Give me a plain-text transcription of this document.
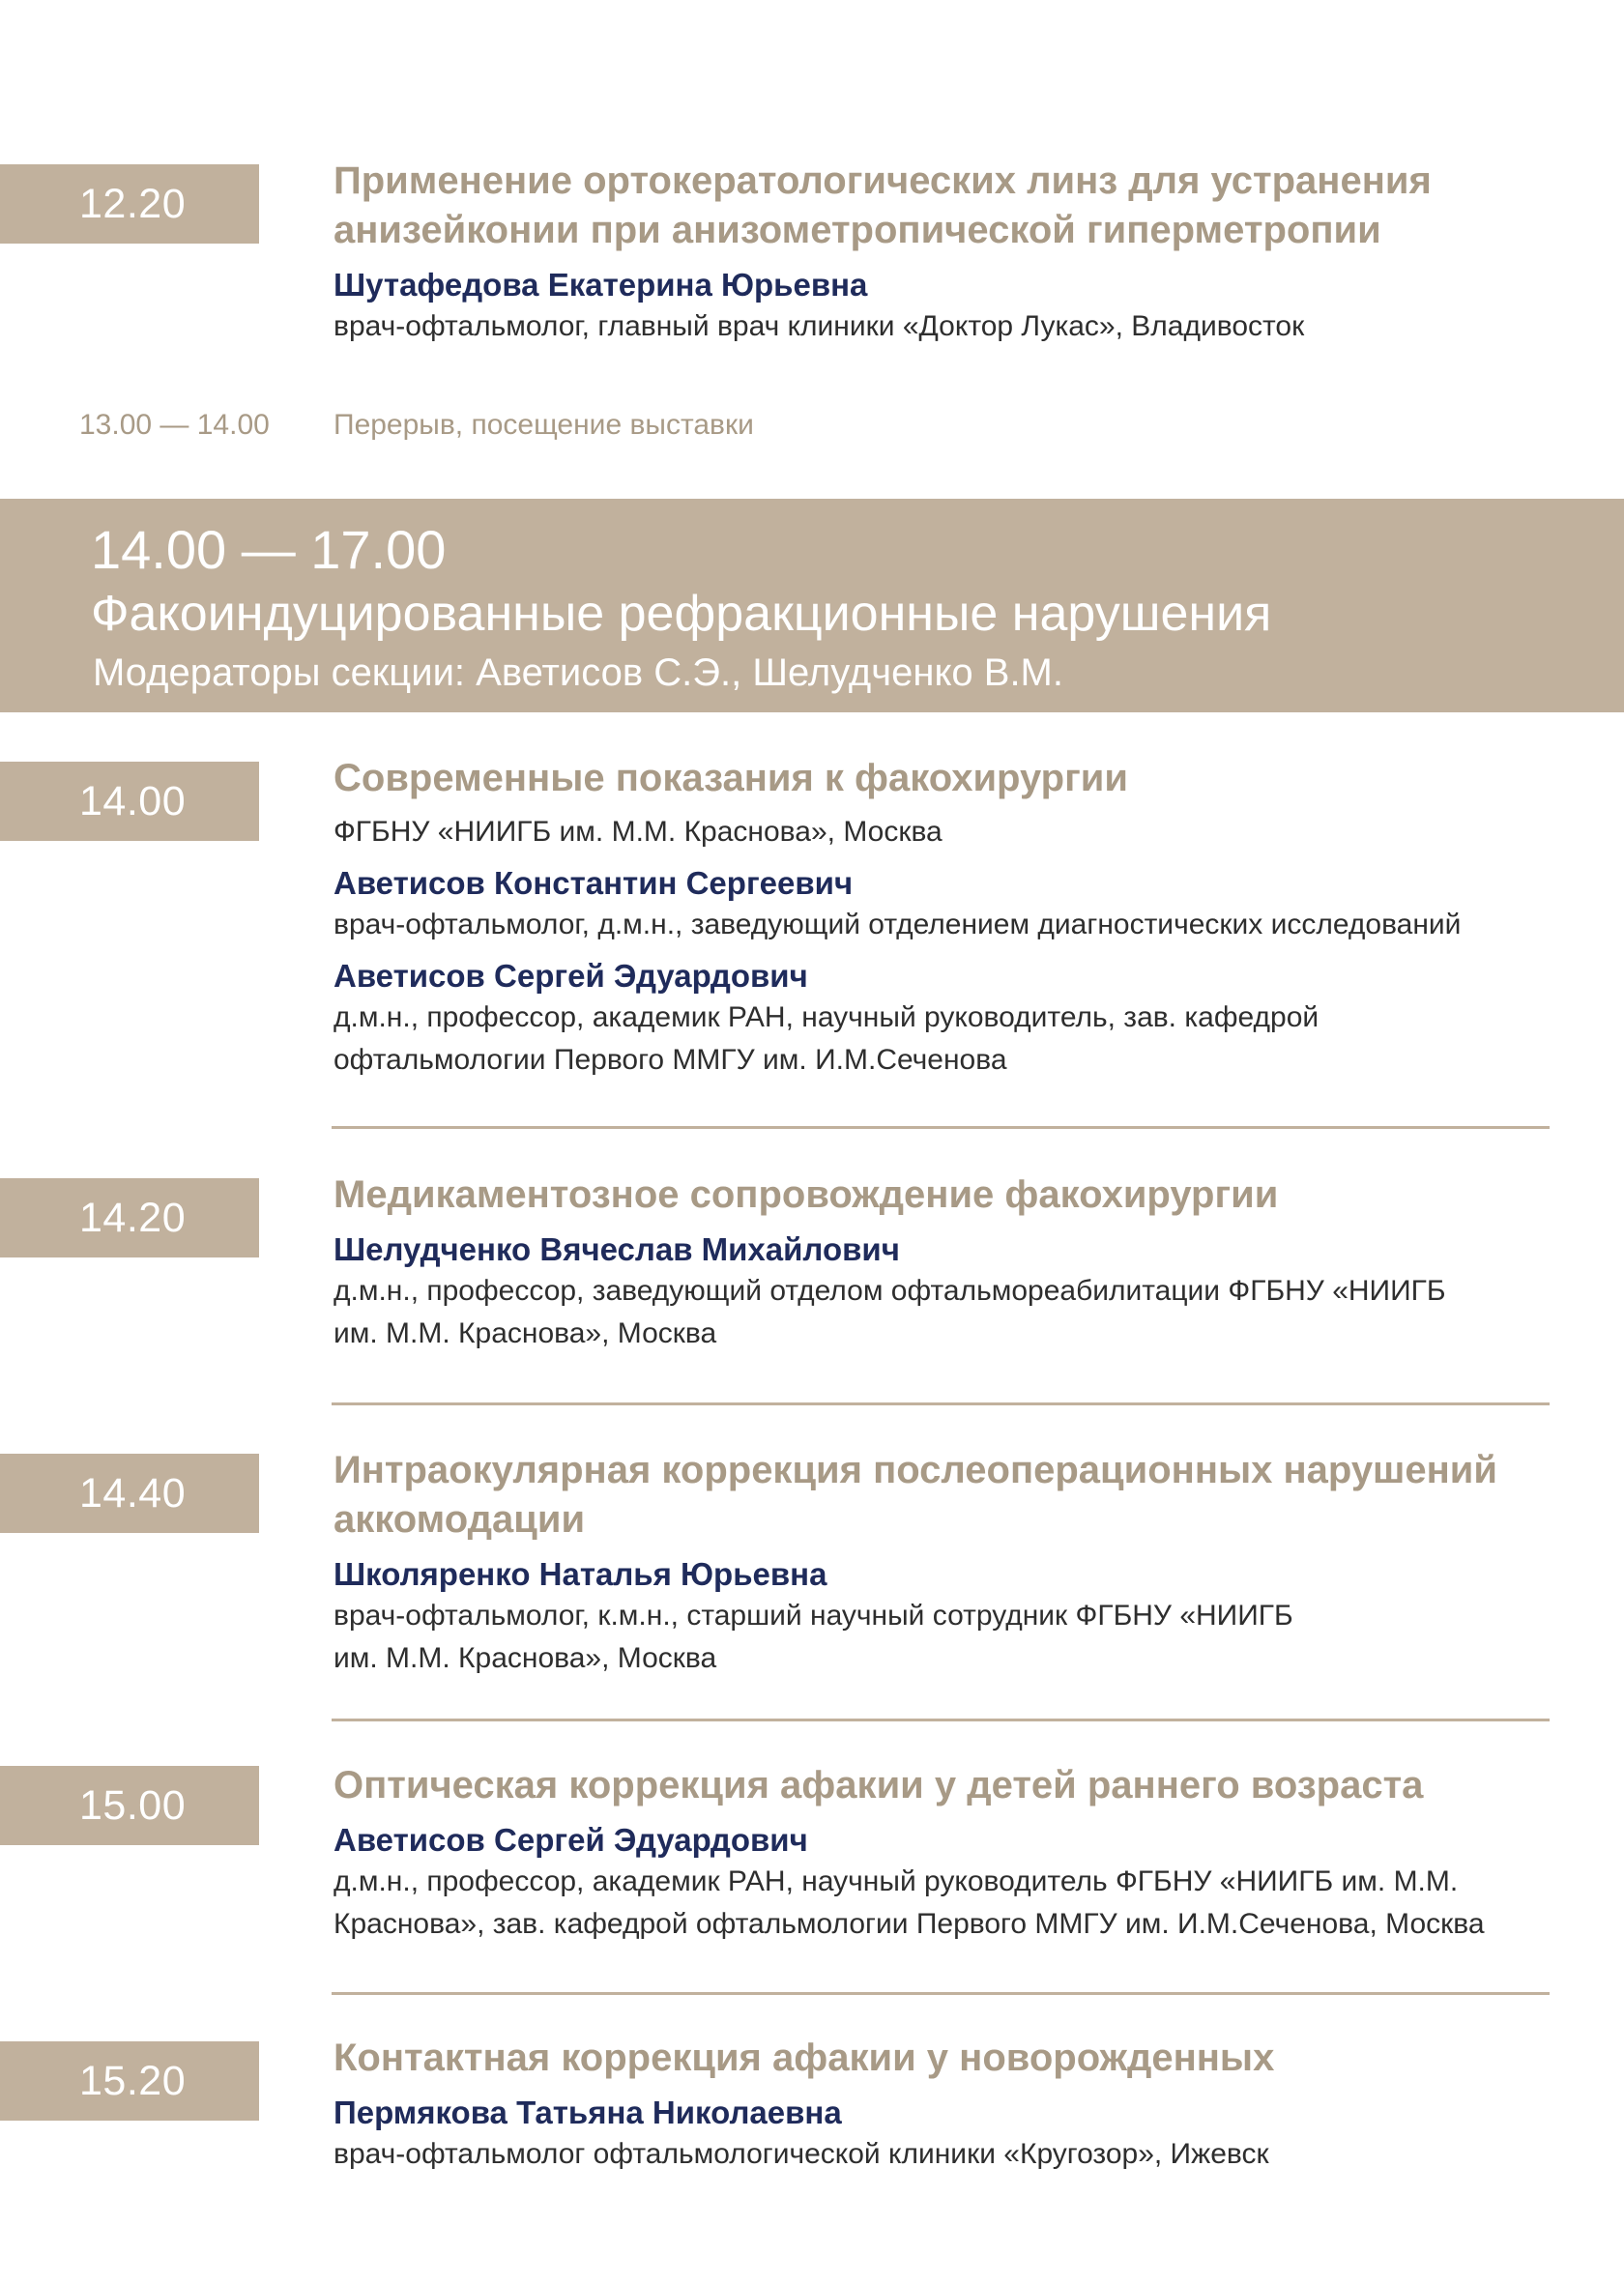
12.20	Применение ортокератологических линз для устранения
анизейконии при анизометропической гиперметропии
Шутафедова Екатерина Юрьевна
врач-офтальмолог, главный врач клиники «Доктор Лукас», Владивосток
13.00 — 14.00 Перерыв, посещение выставки
14.00 — 17.00
Факоиндуцированные рефракционные нарушения
Модераторы секции: Аветисов С.Э., Шелудченко В.М.
14.00	Современные показания к факохирургии
ФГБНУ «НИИГБ им. М.М. Краснова», Москва
Аветисов Константин Сергеевич
врач-офтальмолог, д.м.н., заведующий отделением диагностических исследований
Аветисов Сергей Эдуардович
д.м.н., профессор, академик РАН, научный руководитель, зав. кафедрой
офтальмологии Первого ММГУ им. И.М.Сеченова
14.20	Медикаментозное сопровождение факохирургии
Шелудченко Вячеслав Михайлович
д.м.н., профессор, заведующий отделом офтальмореабилитации ФГБНУ «НИИГБ
им. М.М. Краснова», Москва
14.40	Интраокулярная коррекция послеоперационных нарушений
аккомодации
Школяренко Наталья Юрьевна
врач-офтальмолог, к.м.н., старший научный сотрудник ФГБНУ «НИИГБ
им. М.М. Краснова», Москва
15.00	Оптическая коррекция афакии у детей раннего возраста
Аветисов Сергей Эдуардович
д.м.н., профессор, академик РАН, научный руководитель ФГБНУ «НИИГБ им. М.М.
Краснова», зав. кафедрой офтальмологии Первого ММГУ им. И.М.Сеченова, Москва
15.20	Контактная коррекция афакии у новорожденных
Пермякова Татьяна Николаевна
врач-офтальмолог офтальмологической клиники «Кругозор», Ижевск
